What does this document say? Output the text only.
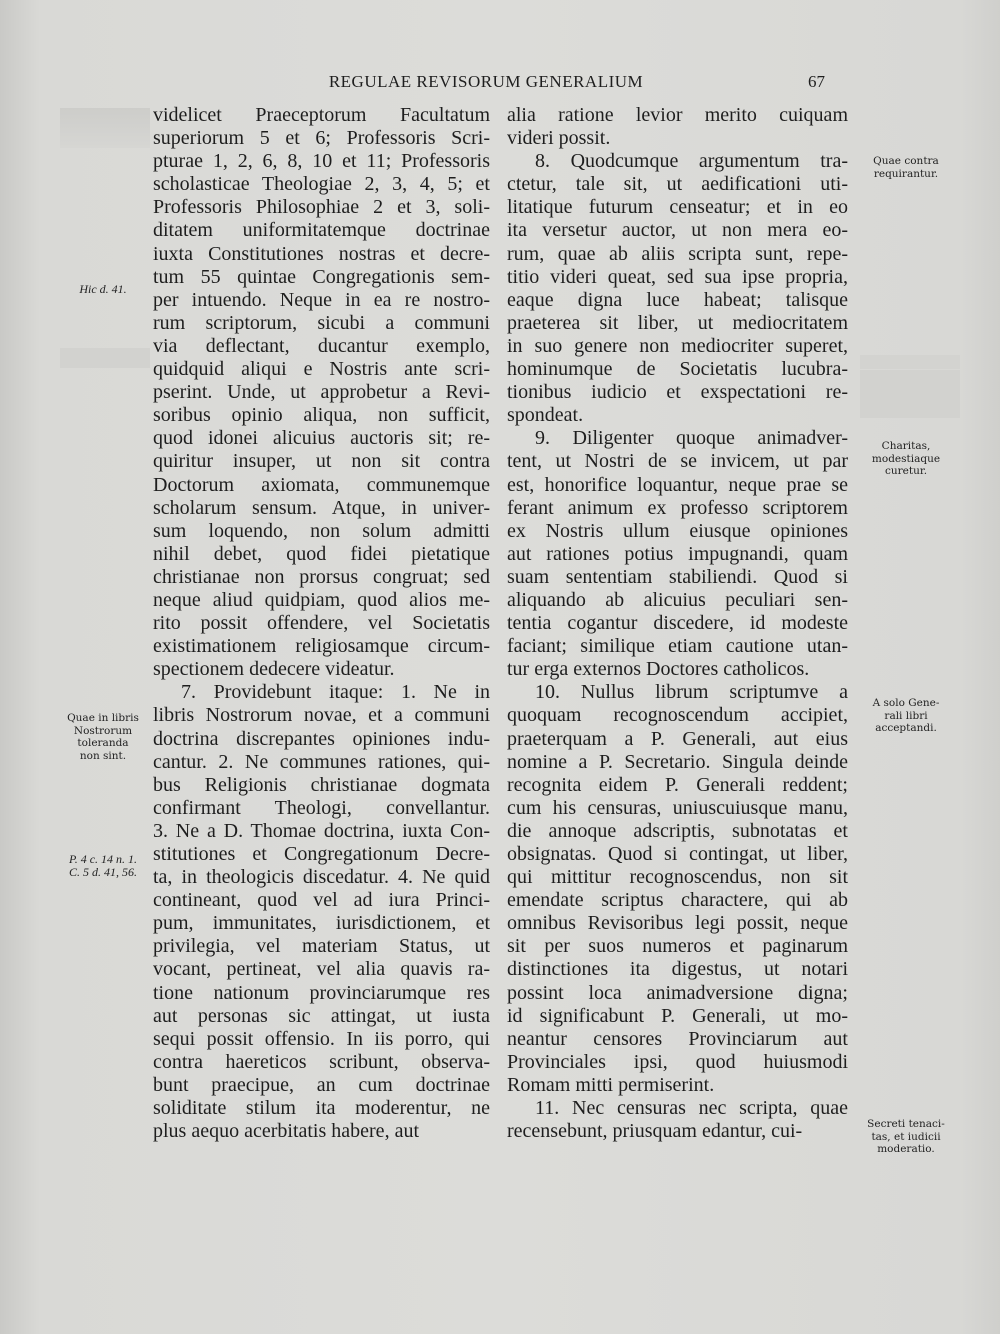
REGULAE REVISORUM GENERALIUM	67
videlicet Praeceptorum Facultatum
superiorum 5 et 6; Professoris Scri-
pturae 1, 2, 6, 8, 10 et 11; Professoris
scholasticae Theologiae 2, 3, 4, 5; et
Professoris Philosophiae 2 et 3, soli-
ditatem uniformitatemque doctrinae
iuxta Constitutiones nostras et decre-
tum 55 quintae Congregationis sem-
per intuendo. Neque in ea re nostro-
rum scriptorum, sicubi a communi
via deflectant, ducantur exemplo,
quidquid aliqui e Nostris ante scri-
pserint. Unde, ut approbetur a Revi-
soribus opinio aliqua, non sufficit,
quod idonei alicuius auctoris sit; re-
quiritur insuper, ut non sit contra
Doctorum axiomata, communemque
scholarum sensum. Atque, in univer-
sum loquendo, non solum admitti
nihil debet, quod fidei pietatique
christianae non prorsus congruat; sed
neque aliud quidpiam, quod alios me-
rito possit offendere, vel Societatis
existimationem religiosamque circum-
spectionem dedecere videatur.
7. Providebunt itaque: 1. Ne in
libris Nostrorum novae, et a communi
doctrina discrepantes opiniones indu-
cantur. 2. Ne communes rationes, qui-
bus Religionis christianae dogmata
confirmant Theologi, convellantur.
3. Ne a D. Thomae doctrina, iuxta Con-
stitutiones et Congregationum Decre-
ta, in theologicis discedatur. 4. Ne quid
contineant, quod vel ad iura Princi-
pum, immunitates, iurisdictionem, et
privilegia, vel materiam Status, ut
vocant, pertineat, vel alia quavis ra-
tione nationum provinciarumque res
aut personas sic attingat, ut iusta
sequi possit offensio. In iis porro, qui
contra haereticos scribunt, observa-
bunt praecipue, an cum doctrinae
soliditate stilum ita moderentur, ne
plus aequo acerbitatis habere, aut
alia ratione levior merito cuiquam
videri possit.
8. Quodcumque argumentum tra-
ctetur, tale sit, ut aedificationi uti-
litatique futurum censeatur; et in eo
ita versetur auctor, ut non mera eo-
rum, quae ab aliis scripta sunt, repe-
titio videri queat, sed sua ipse propria,
eaque digna luce habeat; talisque
praeterea sit liber, ut mediocritatem
in suo genere non mediocriter superet,
hominumque de Societatis lucubra-
tionibus iudicio et exspectationi re-
spondeat.
9. Diligenter quoque animadver-
tent, ut Nostri de se invicem, ut par
est, honorifice loquantur, neque prae se
ferant animum ex professo scriptorem
ex Nostris ullum eiusque opiniones
aut rationes potius impugnandi, quam
suam sententiam stabiliendi. Quod si
aliquando ab alicuius peculiari sen-
tentia cogantur discedere, id modeste
faciant; similique etiam cautione utan-
tur erga externos Doctores catholicos.
10. Nullus librum scriptumve a
quoquam recognoscendum accipiet,
praeterquam a P. Generali, aut eius
nomine a P. Secretario. Singula deinde
recognita eidem P. Generali reddent;
cum his censuras, uniuscuiusque manu,
die annoque adscriptis, subnotatas et
obsignatas. Quod si contingat, ut liber,
qui mittitur recognoscendus, non sit
emendate scriptus charactere, qui ab
omnibus Revisoribus legi possit, neque
sit per suos numeros et paginarum
distinctiones ita digestus, ut notari
possint loca animadversione digna;
id significabunt P. Generali, ut mo-
neantur censores Provinciarum aut
Provinciales ipsi, quod huiusmodi
Romam mitti permiserint.
11. Nec censuras nec scripta, quae
recensebunt, priusquam edantur, cui-
Hic d. 41.
Quae in libris
Nostrorum
toleranda
non sint.
P. 4 c. 14 n. 1.
C. 5 d. 41, 56.
Quae contra
requirantur.
Charitas,
modestiaque
curetur.
A solo Gene-
rali libri
acceptandi.
Secreti tenaci-
tas, et iudicii
moderatio.
